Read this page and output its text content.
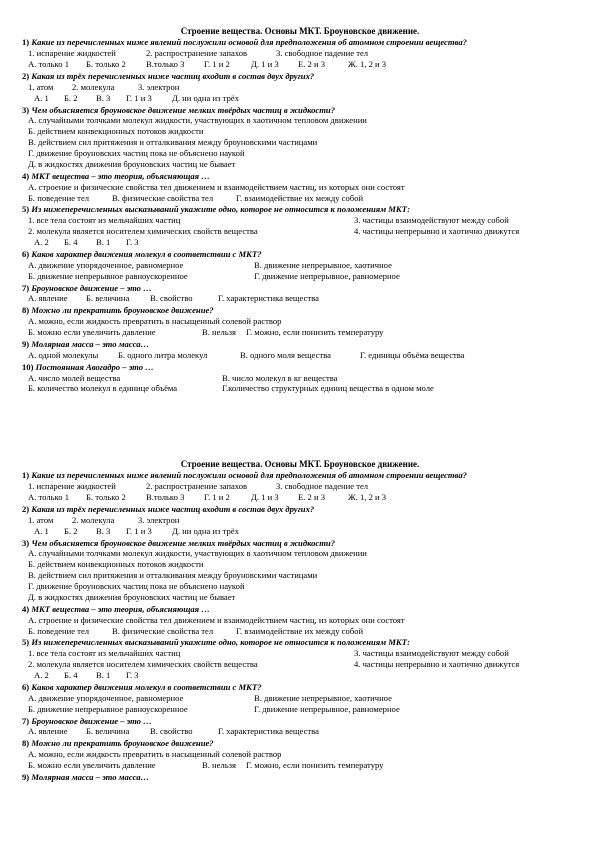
Строение вещества. Основы МКТ. Броуновское движение.

1) Какие из перечисленных ниже явлений послужили основой для предположения об атомном строении вещества?

1. испарение жидкостей	2. распространение запахов	3. свободное падение тел
А. только 1	Б. только 2	В.только 3	Г. 1 и 2	Д. 1 и 3	Е. 2 и 3	Ж. 1, 2 и 3

2) Какая из трёх перечисленных ниже частиц входит в состав двух других?

1. атом	2. молекула	3. электрон
А. 1	Б. 2	В. 3	Г. 1 и 3	Д. ни одна из трёх

3) Чем объясняется броуновское движение мелких твёрдых частиц в жидкости?

А. случайными толчками молекул жидкости, участвующих в хаотичном тепловом движении
Б. действием конвекционных потоков жидкости
В. действием сил притяжения и отталкивания между броуновскими частицами
Г. движение броуновских частиц пока не объяснено наукой
Д. в жидкостях движения броуновских частиц не бывает

4) МКТ вещества – это теория, объясняющая …

А. строение и физические свойства тел движением и взаимодействием частиц, из которых они состоят
Б. поведение тел	В. физические свойства тел	Г. взаимодействие их между собой

5) Из нижеперечисленных высказываний укажите одно, которое не относится к положениям МКТ:

1. все тела состоят из мельчайших частиц	3. частицы взаимодействуют между собой
2. молекула является носителем химических свойств вещества	4. частицы непрерывно и хаотично движутся
А. 2	Б. 4	В. 1	Г. 3

6) Каков характер движения молекул в соответствии с МКТ?

А. движение упорядоченное, равномерное	В. движение непрерывное, хаотичное
Б. движение непрерывное равноускоренное	Г. движение непрерывное, равномерное

7) Броуновское движение – это …

А. явление	Б. величина	В. свойство	Г. характеристика вещества

8) Можно ли прекратить броуновское движение?

А. можно, если жидкость превратить в насыщенный солевой раствор
Б. можно если увеличить давление	В. нельзя	Г. можно, если понизить температуру

9) Молярная масса – это масса…

А. одной молекулы	Б. одного литра молекул	В. одного моля вещества	Г. единицы объёма вещества

10) Постоянная Авогадро – это …

А. число молей вещества	В. число молекул в кг вещества
Б. количество молекул в единице объёма	Г.количество структурных единиц вещества в одном моле
Строение вещества. Основы МКТ. Броуновское движение.

1) Какие из перечисленных ниже явлений послужили основой для предположения об атомном строении вещества?

1. испарение жидкостей	2. распространение запахов	3. свободное падение тел
А. только 1	Б. только 2	В.только 3	Г. 1 и 2	Д. 1 и 3	Е. 2 и 3	Ж. 1, 2 и 3

2) Какая из трёх перечисленных ниже частиц входит в состав двух других?

1. атом	2. молекула	3. электрон
А. 1	Б. 2	В. 3	Г. 1 и 3	Д. ни одна из трёх

3) Чем объясняется броуновское движение мелких твёрдых частиц в жидкости?

А. случайными толчками молекул жидкости, участвующих в хаотичном тепловом движении
Б. действием конвекционных потоков жидкости
В. действием сил притяжения и отталкивания между броуновскими частицами
Г. движение броуновских частиц пока не объяснено наукой
Д. в жидкостях движения броуновских частиц не бывает

4) МКТ вещества – это теория, объясняющая …

А. строение и физические свойства тел движением и взаимодействием частиц, из которых они состоят
Б. поведение тел	В. физические свойства тел	Г. взаимодействие их между собой

5) Из нижеперечисленных высказываний укажите одно, которое не относится к положениям МКТ:

1. все тела состоят из мельчайших частиц	3. частицы взаимодействуют между собой
2. молекула является носителем химических свойств вещества	4. частицы непрерывно и хаотично движутся
А. 2	Б. 4	В. 1	Г. 3

6) Каков характер движения молекул в соответствии с МКТ?

А. движение упорядоченное, равномерное	В. движение непрерывное, хаотичное
Б. движение непрерывное равноускоренное	Г. движение непрерывное, равномерное

7) Броуновское движение – это …

А. явление	Б. величина	В. свойство	Г. характеристика вещества

8) Можно ли прекратить броуновское движение?

А. можно, если жидкость превратить в насыщенный солевой раствор
Б. можно если увеличить давление	В. нельзя	Г. можно, если понизить температуру

9) Молярная масса – это масса…
